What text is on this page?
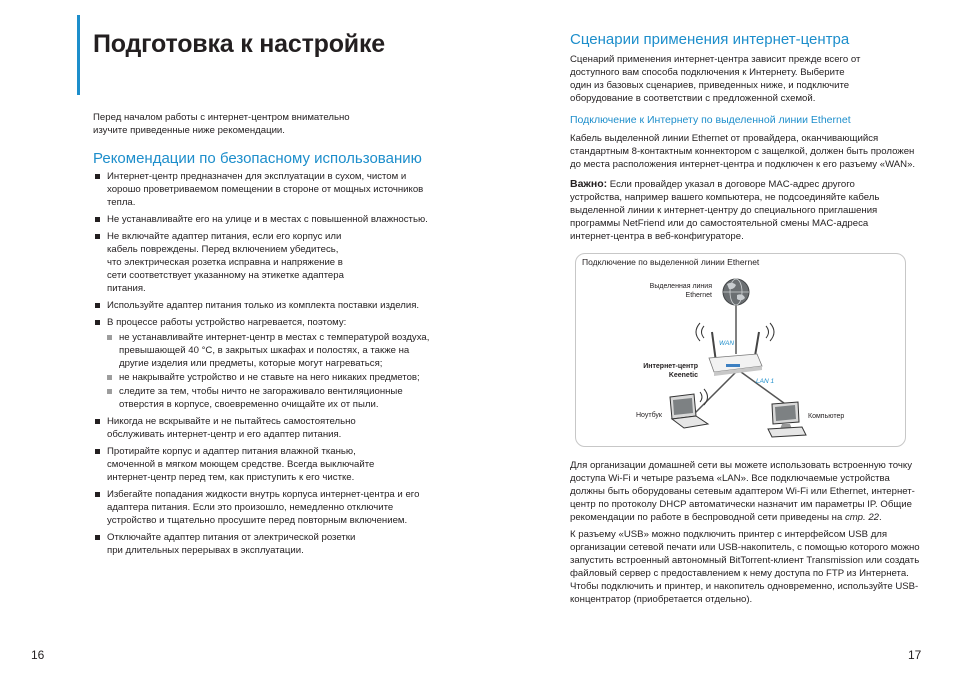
Подготовка к настройке
Перед началом работы с интернет-центром внимательно изучите приведенные ниже рекомендации.
Рекомендации по безопасному использованию
Интернет-центр предназначен для эксплуатации в сухом, чистом и хорошо проветриваемом помещении в стороне от мощных источников тепла.
Не устанавливайте его на улице и в местах с повышенной влажностью.
Не включайте адаптер питания, если его корпус или кабель повреждены. Перед включением убедитесь, что электрическая розетка исправна и напряжение в сети соответствует указанному на этикетке адаптера питания.
Используйте адаптер питания только из комплекта поставки изделия.
В процессе работы устройство нагревается, поэтому:
не устанавливайте интернет-центр в местах с температурой воздуха, превышающей 40 °С, в закрытых шкафах и полостях, а также на другие изделия или предметы, которые могут нагреваться;
не накрывайте устройство и не ставьте на него никаких предметов;
следите за тем, чтобы ничто не загораживало вентиляционные отверстия в корпусе, своевременно очищайте их от пыли.
Никогда не вскрывайте и не пытайтесь самостоятельно обслуживать интернет-центр и его адаптер питания.
Протирайте корпус и адаптер питания влажной тканью, смоченной в мягком моющем средстве. Всегда выключайте интернет-центр перед тем, как приступить к его чистке.
Избегайте попадания жидкости внутрь корпуса интернет-центра и его адаптера питания. Если это произошло, немедленно отключите устройство и тщательно просушите перед повторным включением.
Отключайте адаптер питания от электрической розетки при длительных перерывах в эксплуатации.
16
Сценарии применения интернет-центра
Сценарий применения интернет-центра зависит прежде всего от доступного вам способа подключения к Интернету. Выберите один из базовых сценариев, приведенных ниже, и подключите оборудование в соответствии с предложенной схемой.
Подключение к Интернету по выделенной линии Ethernet
Кабель выделенной линии Ethernet от провайдера, оканчивающийся стандартным 8-контактным коннектором с защелкой, должен быть проложен до места расположения интернет-центра и подключен к его разъему «WAN».
Важно: Если провайдер указал в договоре MAC-адрес другого устройства, например вашего компьютера, не подсоединяйте кабель выделенной линии к интернет-центру до специального приглашения программы NetFriend или до самостоятельной смены MAC-адреса интернет-центра в веб-конфигураторе.
Подключение по выделенной линии Ethernet
Выделенная линия Ethernet
WAN
Интернет-центр Keenetic
LAN 1
Ноутбук	Компьютер
Для организации домашней сети вы можете использовать встроенную точку доступа Wi-Fi и четыре разъема «LAN». Все подключаемые устройства должны быть оборудованы сетевым адаптером Wi-Fi или Ethernet, интернет-центр по протоколу DHCP автоматически назначит им параметры IP. Общие рекомендации по работе в беспроводной сети приведены на стр. 22.
К разъему «USB» можно подключить принтер с интерфейсом USB для организации сетевой печати или USB-накопитель, с помощью которого можно запустить встроенный автономный BitTorrent-клиент Transmission или создать файловый сервер с предоставлением к нему доступа по FTP из Интернета. Чтобы подключить и принтер, и накопитель одновременно, используйте USB-концентратор (приобретается отдельно).
17
